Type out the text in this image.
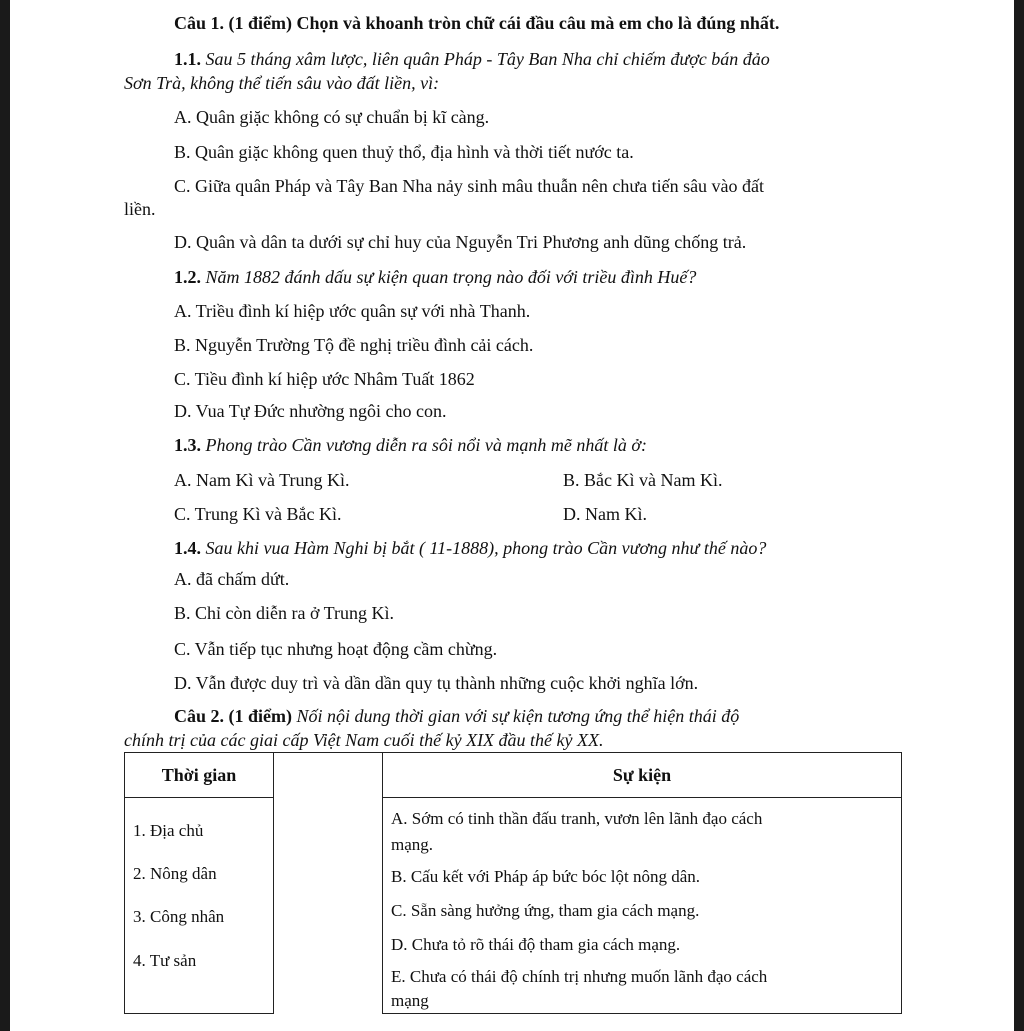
Câu 1. (1 điểm) Chọn và khoanh tròn chữ cái đầu câu mà em cho là đúng nhất.
1.1. Sau 5 tháng xâm lược, liên quân Pháp - Tây Ban Nha chỉ chiếm được bán đảo
Sơn Trà, không thể tiến sâu vào đất liền, vì:
A. Quân giặc không có sự chuẩn bị kĩ càng.
B. Quân giặc không quen thuỷ thổ, địa hình và thời tiết nước ta.
C. Giữa quân Pháp và Tây Ban Nha nảy sinh mâu thuẫn nên chưa tiến sâu vào đất
liền.
D. Quân và dân ta dưới sự chỉ huy của Nguyễn Tri Phương anh dũng chống trả.
1.2. Năm 1882 đánh dấu sự kiện quan trọng nào đối với triều đình Huế?
A. Triều đình kí hiệp ước quân sự với nhà Thanh.
B. Nguyễn Trường Tộ đề nghị triều đình cải cách.
C. Tiều đình kí hiệp ước Nhâm Tuất 1862
D. Vua Tự Đức nhường ngôi cho con.
1.3. Phong trào Cần vương diễn ra sôi nổi và mạnh mẽ nhất là ở:
A. Nam Kì và Trung Kì.	B. Bắc Kì và Nam Kì.
C. Trung Kì và Bắc Kì.	D. Nam Kì.
1.4. Sau khi vua Hàm Nghi bị bắt ( 11-1888), phong trào Cần vương như thế nào?
A. đã chấm dứt.
B. Chỉ còn diễn ra ở Trung Kì.
C. Vẫn tiếp tục nhưng hoạt động cầm chừng.
D. Vẫn được duy trì và dần dần quy tụ thành những cuộc khởi nghĩa lớn.
Câu 2. (1 điểm) Nối nội dung thời gian với sự kiện tương ứng thể hiện thái độ
chính trị của các giai cấp Việt Nam cuối thế kỷ XIX đầu thế kỷ XX.
Thời gian
1. Địa chủ
2. Nông dân
3. Công nhân
4. Tư sản
Sự kiện
A. Sớm có tinh thần đấu tranh, vươn lên lãnh đạo cách
mạng.
B. Cấu kết với Pháp áp bức bóc lột nông dân.
C. Sẵn sàng hưởng ứng, tham gia cách mạng.
D. Chưa tỏ rõ thái độ tham gia cách mạng.
E. Chưa có thái độ chính trị nhưng muốn lãnh đạo cách
mạng
